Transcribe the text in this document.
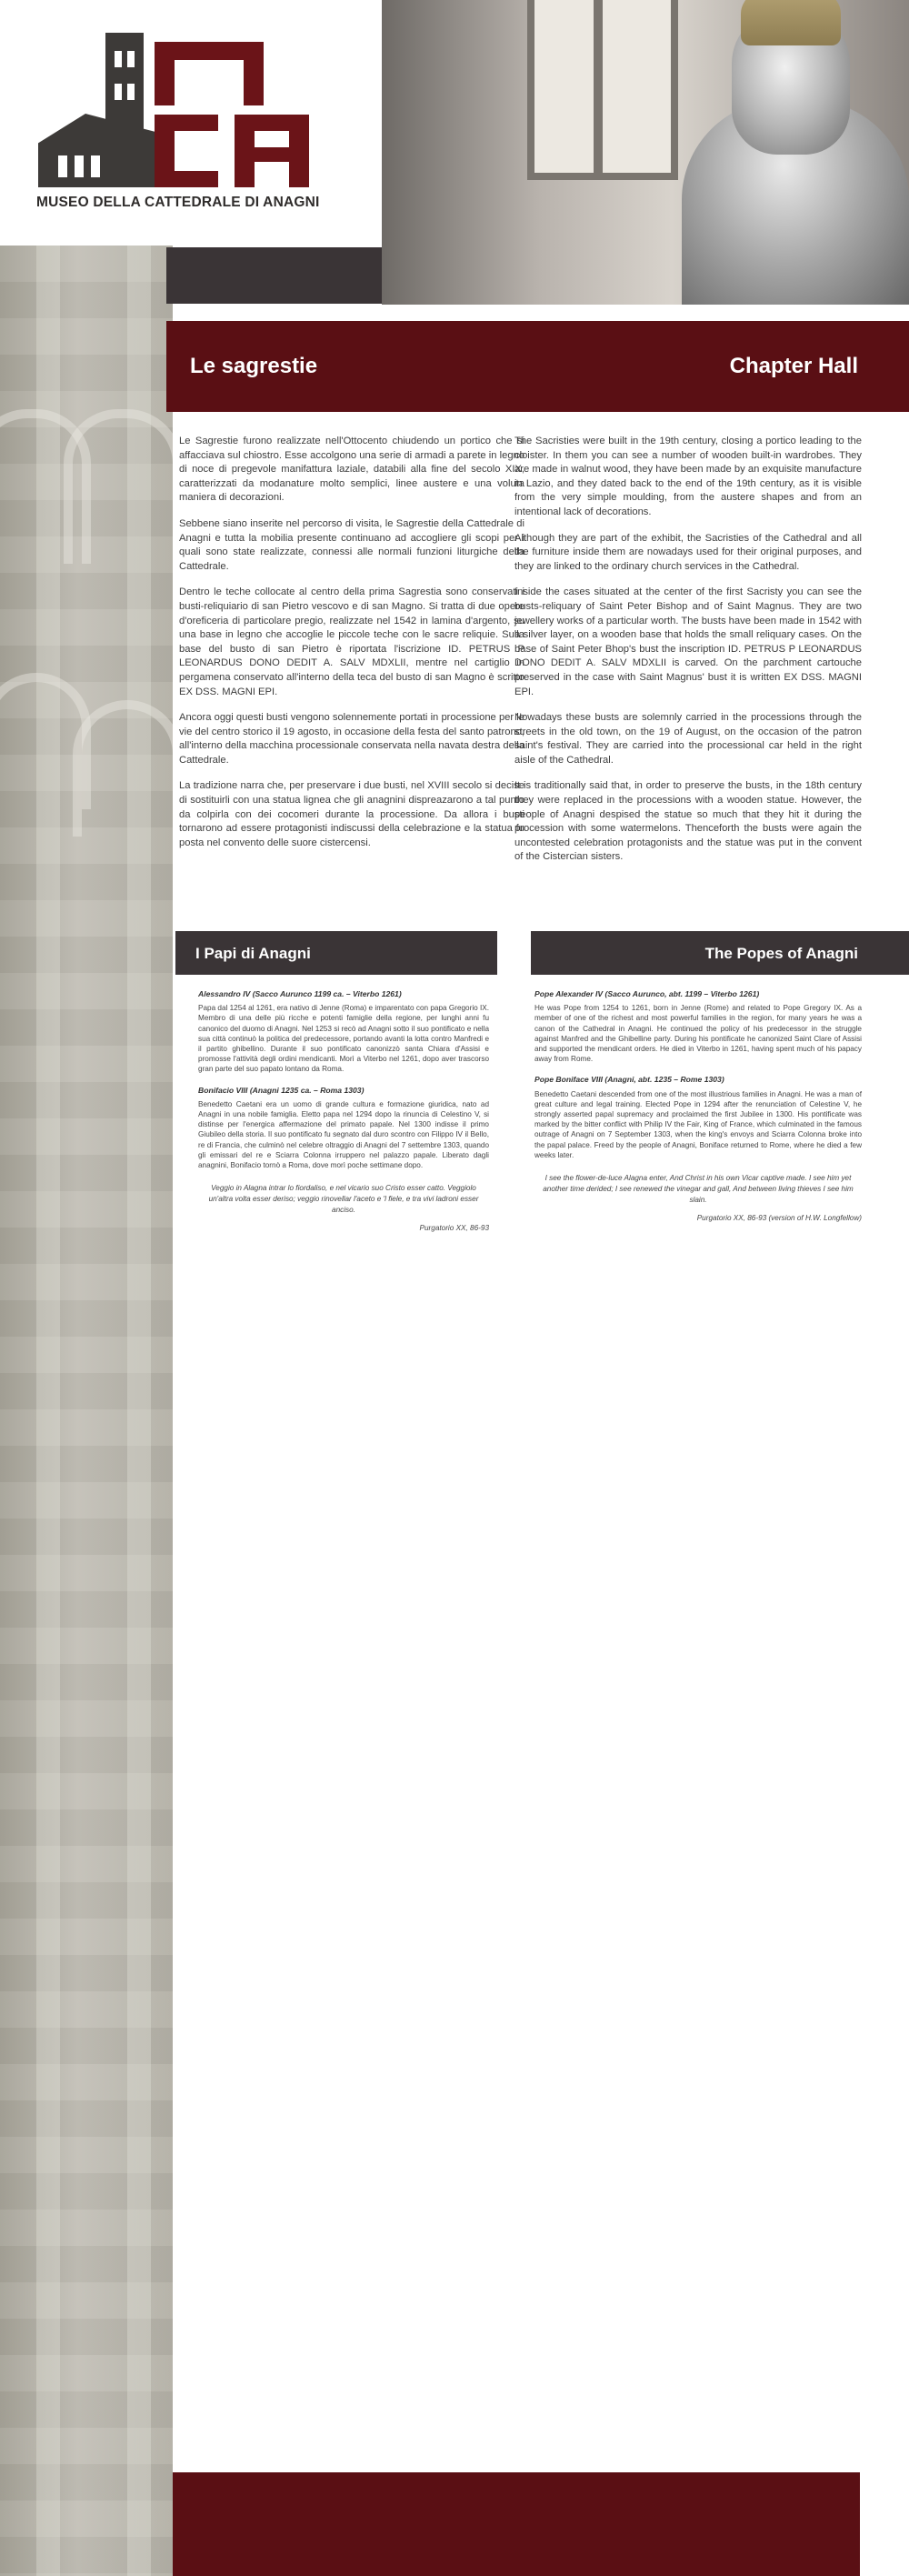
MUSEO DELLA CATTEDRALE DI ANAGNI
Le sagrestie	Chapter Hall

Le Sagrestie furono realizzate nell'Ottocento chiudendo un portico che si affacciava sul chiostro. Esse accolgono una serie di armadi a parete in legno di noce di pregevole manifattura laziale, databili alla fine del secolo XIX, caratterizzati da modanature molto semplici, linee austere e una voluta maniera di decorazioni.

Sebbene siano inserite nel percorso di visita, le Sagrestie della Cattedrale di Anagni e tutta la mobilia presente continuano ad accogliere gli scopi per i quali sono state realizzate, connessi alle normali funzioni liturgiche della Cattedrale.

Dentro le teche collocate al centro della prima Sagrestia sono conservati i busti-reliquiario di san Pietro vescovo e di san Magno. Si tratta di due opere d'oreficeria di particolare pregio, realizzate nel 1542 in lamina d'argento, su una base in legno che accoglie le piccole teche con le sacre reliquie. Sulla base del busto di san Pietro è riportata l'iscrizione ID. PETRUS P LEONARDUS DONO DEDIT A. SALV MDXLII, mentre nel cartiglio in pergamena conservato all'interno della teca del busto di san Magno è scritto EX DSS. MAGNI EPI.

Ancora oggi questi busti vengono solennemente portati in processione per le vie del centro storico il 19 agosto, in occasione della festa del santo patrono, all'interno della macchina processionale conservata nella navata destra della Cattedrale.

La tradizione narra che, per preservare i due busti, nel XVIII secolo si decise di sostituirli con una statua lignea che gli anagnini dispreazarono a tal punto da colpirla con dei cocomeri durante la processione. Da allora i busti tornarono ad essere protagonisti indiscussi della celebrazione e la statua fu posta nel convento delle suore cistercensi.

The Sacristies were built in the 19th century, closing a portico leading to the cloister. In them you can see a number of wooden built-in wardrobes. They are made in walnut wood, they have been made by an exquisite manufacture in Lazio, and they dated back to the end of the 19th century, as it is visible from the very simple moulding, from the austere shapes and from an intentional lack of decorations.

Although they are part of the exhibit, the Sacristies of the Cathedral and all the furniture inside them are nowadays used for their original purposes, and they are linked to the ordinary church services in the Cathedral.

Inside the cases situated at the center of the first Sacristy you can see the busts-reliquary of Saint Peter Bishop and of Saint Magnus. They are two jewellery works of a particular worth. The busts have been made in 1542 with a silver layer, on a wooden base that holds the small reliquary cases. On the base of Saint Peter Bhop's bust the inscription ID. PETRUS P LEONARDUS DONO DEDIT A. SALV MDXLII is carved. On the parchment cartouche preserved in the case with Saint Magnus' bust it is written EX DSS. MAGNI EPI.

Nowadays these busts are solemnly carried in the processions through the streets in the old town, on the 19 of August, on the occasion of the patron saint's festival. They are carried into the processional car held in the right aisle of the Cathedral.

It is traditionally said that, in order to preserve the busts, in the 18th century they were replaced in the processions with a wooden statue. However, the people of Anagni despised the statue so much that they hit it during the procession with some watermelons. Thenceforth the busts were again the uncontested celebration protagonists and the statue was put in the convent of the Cistercian sisters.

I Papi di Anagni	The Popes of Anagni
Alessandro IV (Sacco Aurunco 1199 ca. – Viterbo 1261)

Papa dal 1254 al 1261, era nativo di Jenne (Roma) e imparentato con papa Gregorio IX. Membro di una delle più ricche e potenti famiglie della regione, per lunghi anni fu canonico del duomo di Anagni. Nel 1253 si recò ad Anagni sotto il suo pontificato e nella sua città continuò la politica del predecessore, portando avanti la lotta contro Manfredi e il partito ghibellino. Durante il suo pontificato canonizzò santa Chiara d'Assisi e promosse l'attività degli ordini mendicanti. Morì a Viterbo nel 1261, dopo aver trascorso gran parte del suo papato lontano da Roma.

Bonifacio VIII (Anagni 1235 ca. – Roma 1303)

Benedetto Caetani era un uomo di grande cultura e formazione giuridica, nato ad Anagni in una nobile famiglia. Eletto papa nel 1294 dopo la rinuncia di Celestino V, si distinse per l'energica affermazione del primato papale. Nel 1300 indisse il primo Giubileo della storia. Il suo pontificato fu segnato dal duro scontro con Filippo IV il Bello, re di Francia, che culminò nel celebre oltraggio di Anagni del 7 settembre 1303, quando gli emissari del re e Sciarra Colonna irruppero nel palazzo papale. Liberato dagli anagnini, Bonifacio tornò a Roma, dove morì poche settimane dopo.

Veggio in Alagna intrar lo fiordaliso, e nel vicario suo Cristo esser catto. Veggiolo un'altra volta esser deriso; veggio rinovellar l'aceto e 'l fiele, e tra vivi ladroni esser anciso.
Purgatorio XX, 86-93
Pope Alexander IV (Sacco Aurunco, abt. 1199 – Viterbo 1261)

He was Pope from 1254 to 1261, born in Jenne (Rome) and related to Pope Gregory IX. As a member of one of the richest and most powerful families in the region, for many years he was a canon of the Cathedral in Anagni. He continued the policy of his predecessor in the struggle against Manfred and the Ghibelline party. During his pontificate he canonized Saint Clare of Assisi and supported the mendicant orders. He died in Viterbo in 1261, having spent much of his papacy away from Rome.

Pope Boniface VIII (Anagni, abt. 1235 – Rome 1303)

Benedetto Caetani descended from one of the most illustrious families in Anagni. He was a man of great culture and legal training. Elected Pope in 1294 after the renunciation of Celestine V, he strongly asserted papal supremacy and proclaimed the first Jubilee in 1300. His pontificate was marked by the bitter conflict with Philip IV the Fair, King of France, which culminated in the famous outrage of Anagni on 7 September 1303, when the king's envoys and Sciarra Colonna broke into the papal palace. Freed by the people of Anagni, Boniface returned to Rome, where he died a few weeks later.

I see the flower-de-luce Alagna enter, And Christ in his own Vicar captive made. I see him yet another time derided; I see renewed the vinegar and gall, And between living thieves I see him slain.
Purgatorio XX, 86-93 (version of H.W. Longfellow)
